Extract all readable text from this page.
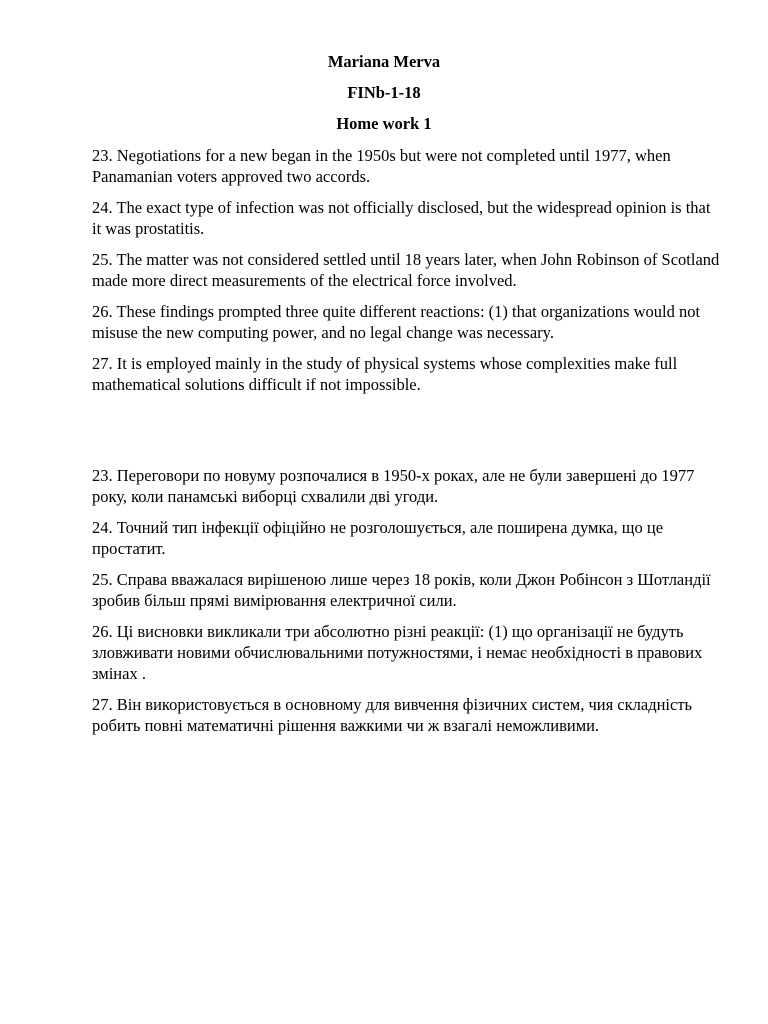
Mariana Merva
FINb-1-18
Home work 1

23. Negotiations for a new began in the 1950s but were not completed until 1977, when Panamanian voters approved two accords.

24. The exact type of infection was not officially disclosed, but the widespread opinion is that it was prostatitis.

25. The matter was not considered settled until 18 years later, when John Robinson of Scotland made more direct measurements of the electrical force involved.

26. These findings prompted three quite different reactions: (1) that organizations would not misuse the new computing power, and no legal change was necessary.

27. It is employed mainly in the study of physical systems whose complexities make full mathematical solutions difficult if not impossible.

23. Переговори по новуму розпочалися в 1950-х роках, але не були завершені до 1977 року, коли панамські виборці схвалили дві угоди.

24. Точний тип інфекції офіційно не розголошується, але поширена думка, що це простатит.

25. Справа вважалася вирішеною лише через 18 років, коли Джон Робінсон з Шотландії зробив більш прямі вимірювання електричної сили.

26. Ці висновки викликали три абсолютно різні реакції: (1) що організації не будуть зловживати новими обчислювальними потужностями, і немає необхідності в правових змінах .

27. Він використовується в основному для вивчення фізичних систем, чия складність робить повні математичні рішення важкими чи ж взагалі неможливими.
